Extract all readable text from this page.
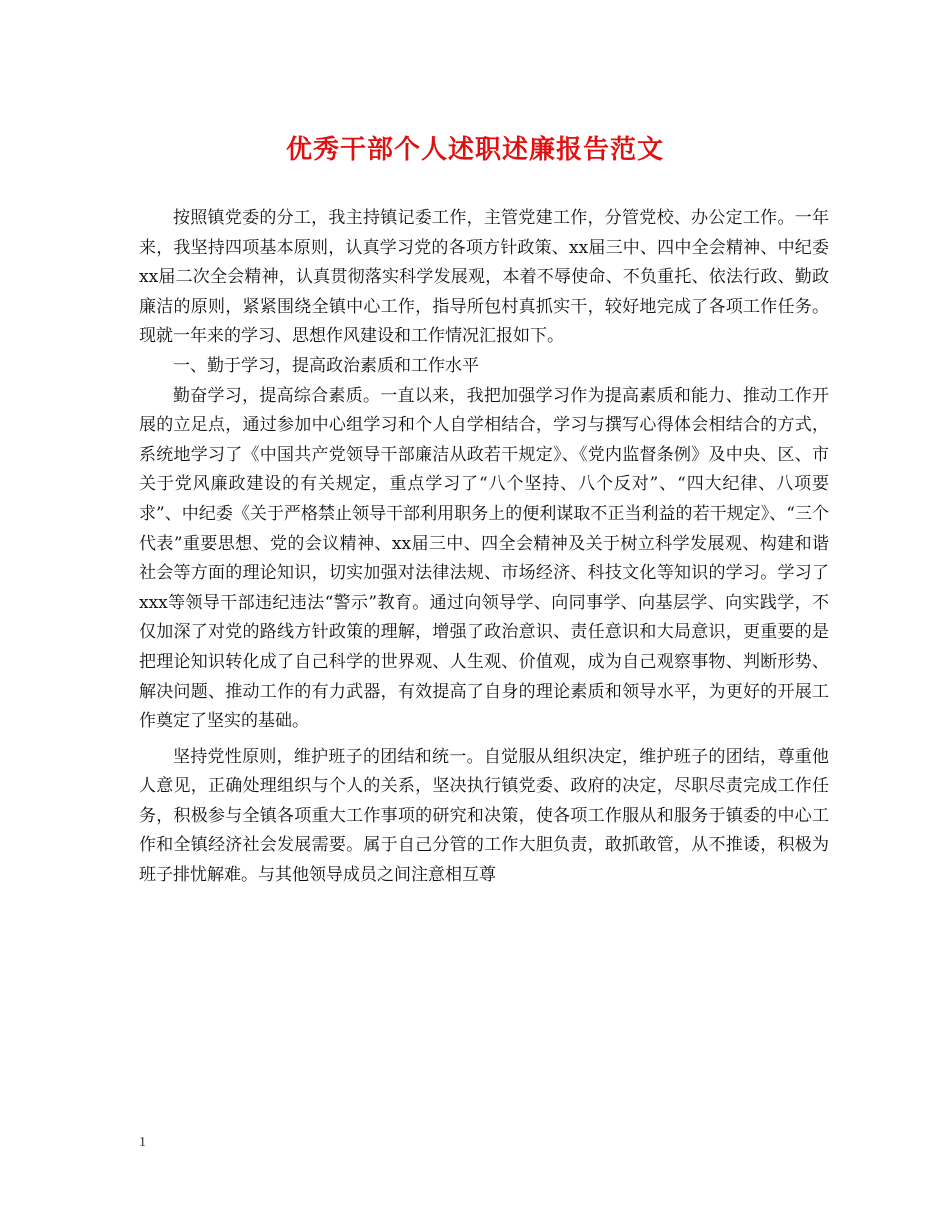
优秀干部个人述职述廉报告范文

按照镇党委的分工，我主持镇记委工作，主管党建工作，分管党校、办公定工作。一年来，我坚持四项基本原则，认真学习党的各项方针政策、xx届三中、四中全会精神、中纪委xx届二次全会精神，认真贯彻落实科学发展观，本着不辱使命、不负重托、依法行政、勤政廉洁的原则，紧紧围绕全镇中心工作，指导所包村真抓实干，较好地完成了各项工作任务。现就一年来的学习、思想作风建设和工作情况汇报如下。

一、勤于学习，提高政治素质和工作水平

勤奋学习，提高综合素质。一直以来，我把加强学习作为提高素质和能力、推动工作开展的立足点，通过参加中心组学习和个人自学相结合，学习与撰写心得体会相结合的方式，系统地学习了《中国共产党领导干部廉洁从政若干规定》、《党内监督条例》及中央、区、市关于党风廉政建设的有关规定，重点学习了“八个坚持、八个反对”、“四大纪律、八项要求”、中纪委《关于严格禁止领导干部利用职务上的便利谋取不正当利益的若干规定》、“三个代表”重要思想、党的会议精神、xx届三中、四全会精神及关于树立科学发展观、构建和谐社会等方面的理论知识，切实加强对法律法规、市场经济、科技文化等知识的学习。学习了xxx等领导干部违纪违法“警示”教育。通过向领导学、向同事学、向基层学、向实践学，不仅加深了对党的路线方针政策的理解，增强了政治意识、责任意识和大局意识，更重要的是把理论知识转化成了自己科学的世界观、人生观、价值观，成为自己观察事物、判断形势、解决问题、推动工作的有力武器，有效提高了自身的理论素质和领导水平，为更好的开展工作奠定了坚实的基础。

坚持党性原则，维护班子的团结和统一。自觉服从组织决定，维护班子的团结，尊重他人意见，正确处理组织与个人的关系，坚决执行镇党委、政府的决定，尽职尽责完成工作任务，积极参与全镇各项重大工作事项的研究和决策，使各项工作服从和服务于镇委的中心工作和全镇经济社会发展需要。属于自己分管的工作大胆负责，敢抓敢管，从不推诿，积极为班子排忧解难。与其他领导成员之间注意相互尊

1
